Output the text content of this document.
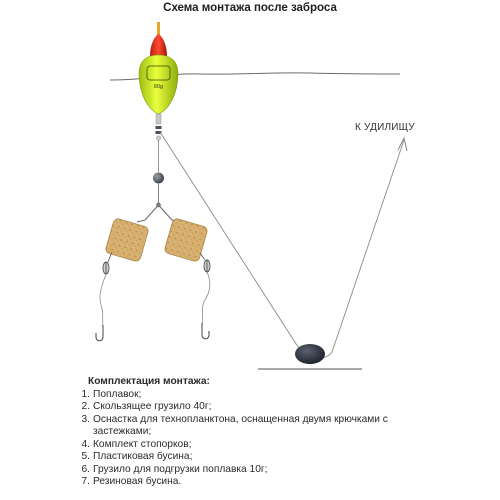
Схема монтажа после заброса
80g
К УДИЛИЩУ
Комплектация монтажа:
1. Поплавок;
2. Скользящее грузило 40г;
3. Оснастка для технопланктона, оснащенная двумя крючками с застежками;
4. Комплект стопорков;
5. Пластиковая бусина;
6. Грузило для подгрузки поплавка 10г;
7. Резиновая бусина.
